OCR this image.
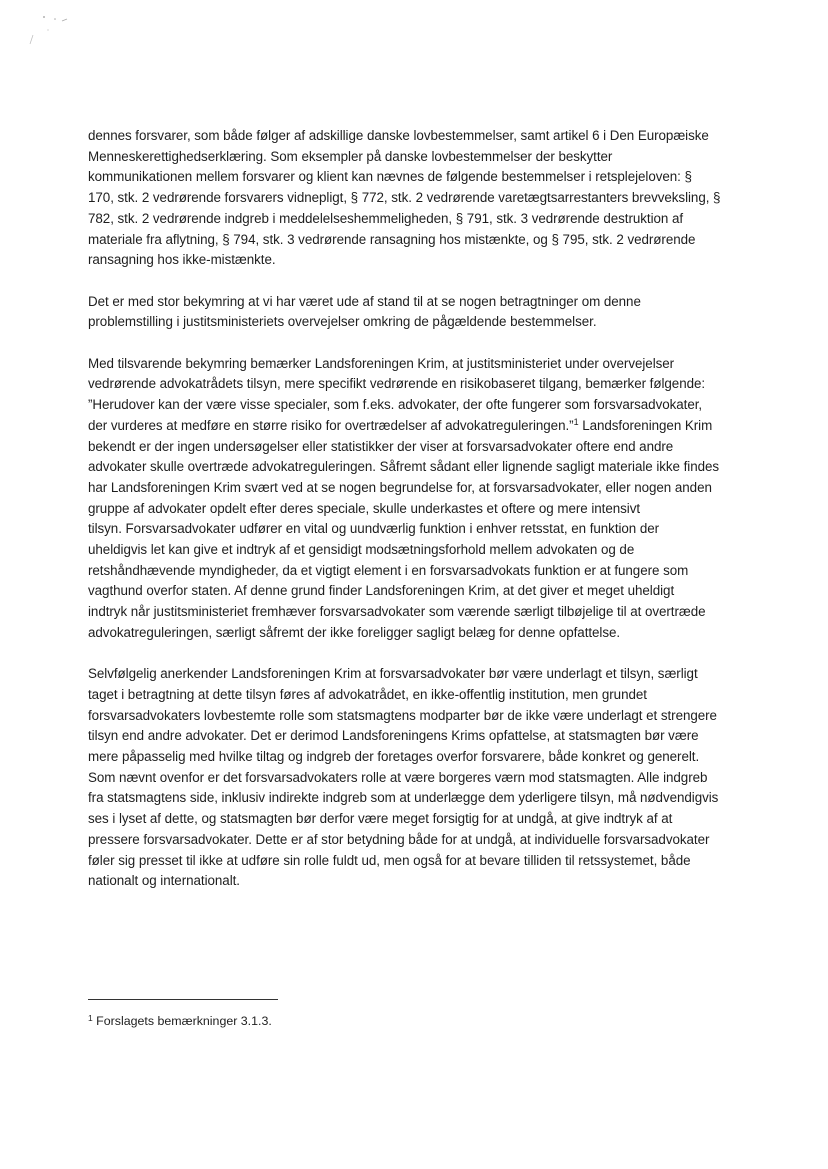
dennes forsvarer, som både følger af adskillige danske lovbestemmelser, samt artikel 6 i Den Europæiske
Menneskerettighedserklæring. Som eksempler på danske lovbestemmelser der beskytter
kommunikationen mellem forsvarer og klient kan nævnes de følgende bestemmelser i retsplejeloven: §
170, stk. 2 vedrørende forsvarers vidnepligt, § 772, stk. 2 vedrørende varetægtsarrestanters brevveksling, §
782, stk. 2 vedrørende indgreb i meddelelseshemmeligheden, § 791, stk. 3 vedrørende destruktion af
materiale fra aflytning, § 794, stk. 3 vedrørende ransagning hos mistænkte, og § 795, stk. 2 vedrørende
ransagning hos ikke-mistænkte.

Det er med stor bekymring at vi har været ude af stand til at se nogen betragtninger om denne
problemstilling i justitsministeriets overvejelser omkring de pågældende bestemmelser.

Med tilsvarende bekymring bemærker Landsforeningen Krim, at justitsministeriet under overvejelser
vedrørende advokatrådets tilsyn, mere specifikt vedrørende en risikobaseret tilgang, bemærker følgende:
”Herudover kan der være visse specialer, som f.eks. advokater, der ofte fungerer som forsvarsadvokater,
der vurderes at medføre en større risiko for overtrædelser af advokatreguleringen.”$^1$ Landsforeningen Krim
bekendt er der ingen undersøgelser eller statistikker der viser at forsvarsadvokater oftere end andre
advokater skulle overtræde advokatreguleringen. Såfremt sådant eller lignende sagligt materiale ikke findes
har Landsforeningen Krim svært ved at se nogen begrundelse for, at forsvarsadvokater, eller nogen anden
gruppe af advokater opdelt efter deres speciale, skulle underkastes et oftere og mere intensivt
tilsyn. Forsvarsadvokater udfører en vital og uundværlig funktion i enhver retsstat, en funktion der
uheldigvis let kan give et indtryk af et gensidigt modsætningsforhold mellem advokaten og de
retshåndhævende myndigheder, da et vigtigt element i en forsvarsadvokats funktion er at fungere som
vagthund overfor staten. Af denne grund finder Landsforeningen Krim, at det giver et meget uheldigt
indtryk når justitsministeriet fremhæver forsvarsadvokater som værende særligt tilbøjelige til at overtræde
advokatreguleringen, særligt såfremt der ikke foreligger sagligt belæg for denne opfattelse.

Selvfølgelig anerkender Landsforeningen Krim at forsvarsadvokater bør være underlagt et tilsyn, særligt
taget i betragtning at dette tilsyn føres af advokatrådet, en ikke-offentlig institution, men grundet
forsvarsadvokaters lovbestemte rolle som statsmagtens modparter bør de ikke være underlagt et strengere
tilsyn end andre advokater. Det er derimod Landsforeningens Krims opfattelse, at statsmagten bør være
mere påpasselig med hvilke tiltag og indgreb der foretages overfor forsvarere, både konkret og generelt.
Som nævnt ovenfor er det forsvarsadvokaters rolle at være borgeres værn mod statsmagten. Alle indgreb
fra statsmagtens side, inklusiv indirekte indgreb som at underlægge dem yderligere tilsyn, må nødvendigvis
ses i lyset af dette, og statsmagten bør derfor være meget forsigtig for at undgå, at give indtryk af at
pressere forsvarsadvokater. Dette er af stor betydning både for at undgå, at individuelle forsvarsadvokater
føler sig presset til ikke at udføre sin rolle fuldt ud, men også for at bevare tilliden til retssystemet, både
nationalt og internationalt.

$^1$ Forslagets bemærkninger 3.1.3.
